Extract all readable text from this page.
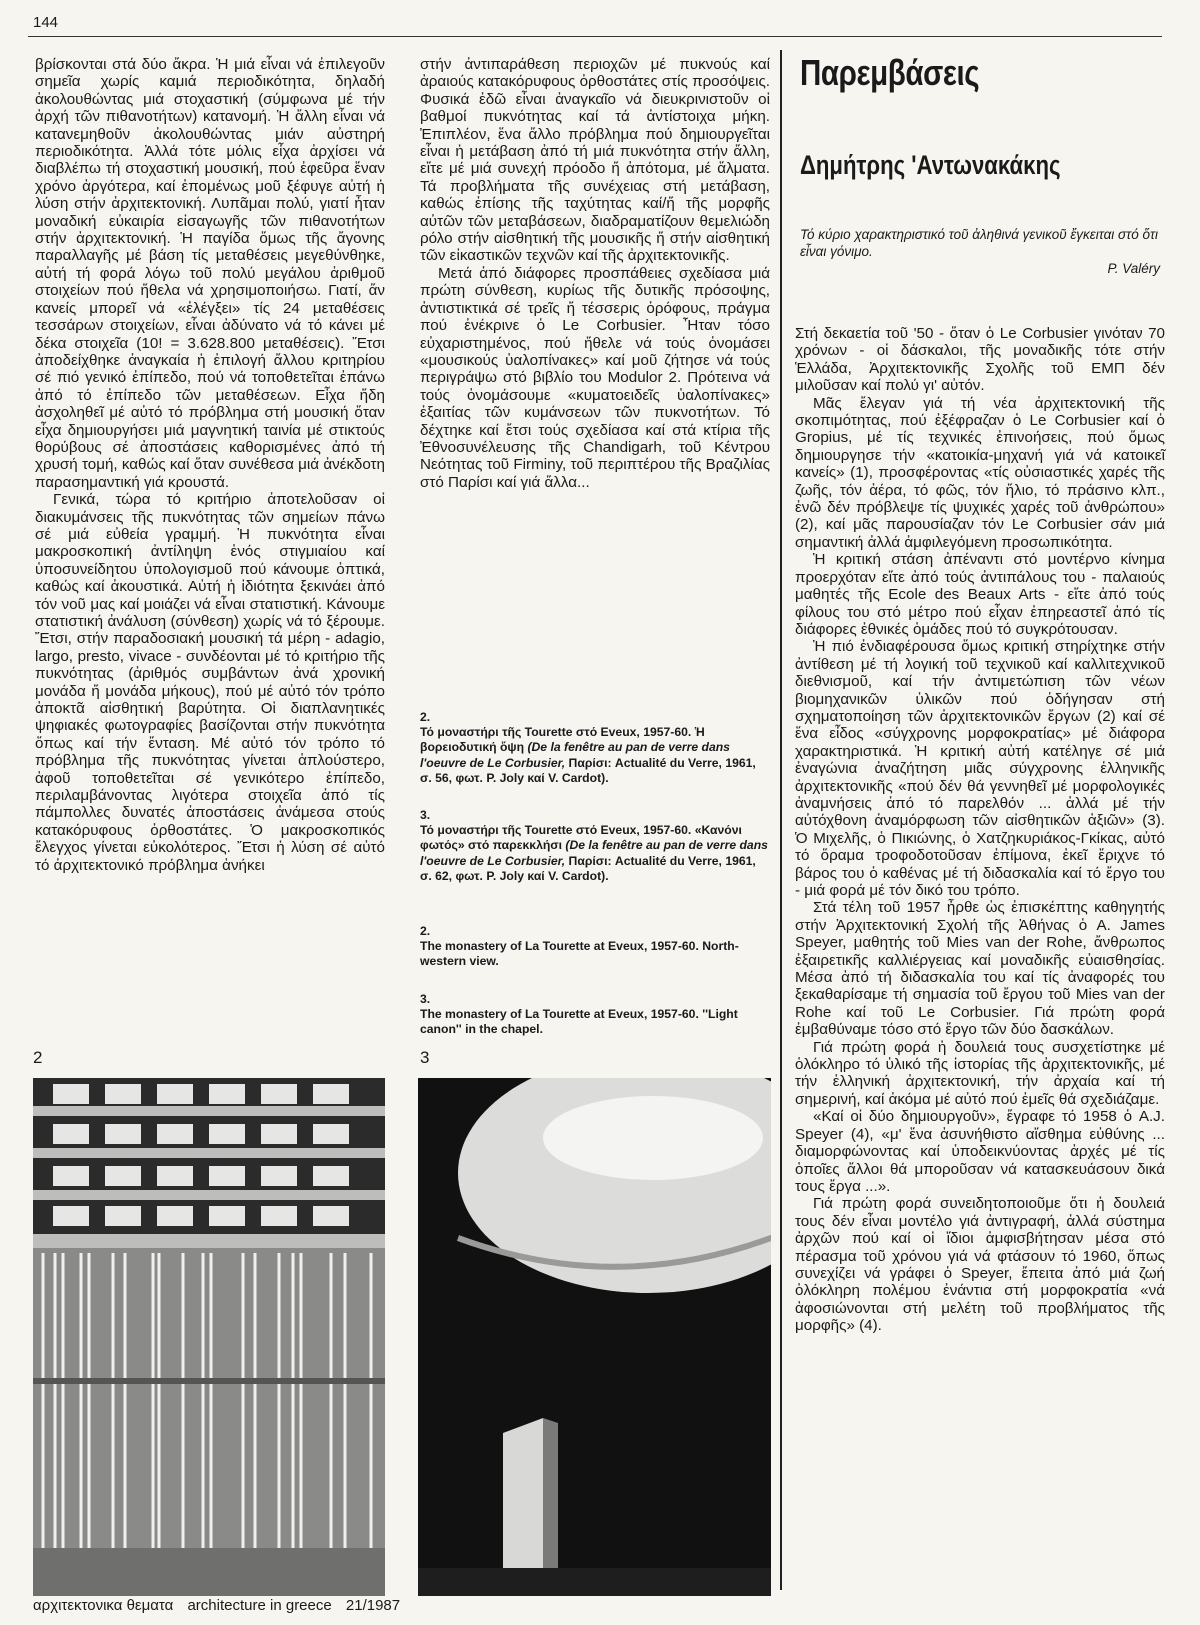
144

βρίσκονται στά δύο ἄκρα. Ἡ μιά εἶναι νά ἐπιλεγοῦν σημεῖα χωρίς καμιά περιοδικότητα, δηλαδή ἀκολουθώντας μιά στοχαστική (σύμφωνα μέ τήν ἀρχή τῶν πιθανοτήτων) κατανομή. Ἡ ἄλλη εἶναι νά κατανεμηθοῦν ἀκολουθώντας μιάν αὐστηρή περιοδικότητα. Ἀλλά τότε μόλις εἶχα ἀρχίσει νά διαβλέπω τή στοχαστική μουσική, πού ἐφεῦρα ἕναν χρόνο ἀργότερα, καί ἑπομένως μοῦ ξέφυγε αὐτή ἡ λύση στήν ἀρχιτεκτονική. Λυπᾶμαι πολύ, γιατί ἦταν μοναδική εὐκαιρία εἰσαγωγῆς τῶν πιθανοτήτων στήν ἀρχιτεκτονική. Ἡ παγίδα ὅμως τῆς ἄγονης παραλλαγῆς μέ βάση τίς μεταθέσεις μεγεθύνθηκε, αὐτή τή φορά λόγω τοῦ πολύ μεγάλου ἀριθμοῦ στοιχείων πού ἤθελα νά χρησιμοποιήσω. Γιατί, ἄν κανείς μπορεῖ νά «ἐλέγξει» τίς 24 μεταθέσεις τεσσάρων στοιχείων, εἶναι ἀδύνατο νά τό κάνει μέ δέκα στοιχεῖα (10! = 3.628.800 μεταθέσεις). Ἔτσι ἀποδείχθηκε ἀναγκαία ἡ ἐπιλογή ἄλλου κριτηρίου σέ πιό γενικό ἐπίπεδο, πού νά τοποθετεῖται ἐπάνω ἀπό τό ἐπίπεδο τῶν μεταθέσεων. Εἶχα ἤδη ἀσχοληθεῖ μέ αὐτό τό πρόβλημα στή μουσική ὅταν εἶχα δημιουργήσει μιά μαγνητική ταινία μέ στικτούς θορύβους σέ ἀποστάσεις καθορισμένες ἀπό τή χρυσή τομή, καθώς καί ὅταν συνέθεσα μιά ἀνέκδοτη παρασημαντική γιά κρουστά.

Γενικά, τώρα τό κριτήριο ἀποτελοῦσαν οἱ διακυμάνσεις τῆς πυκνότητας τῶν σημείων πάνω σέ μιά εὐθεία γραμμή. Ἡ πυκνότητα εἶναι μακροσκοπική ἀντίληψη ἑνός στιγμιαίου καί ὑποσυνείδητου ὑπολογισμοῦ πού κάνουμε ὀπτικά, καθώς καί ἀκουστικά. Αὐτή ἡ ἰδιότητα ξεκινάει ἀπό τόν νοῦ μας καί μοιάζει νά εἶναι στατιστική. Κάνουμε στατιστική ἀνάλυση (σύνθεση) χωρίς νά τό ξέρουμε. Ἔτσι, στήν παραδοσιακή μουσική τά μέρη - adagio, largo, presto, vivace - συνδέονται μέ τό κριτήριο τῆς πυκνότητας (ἀριθμός συμβάντων ἀνά χρονική μονάδα ἤ μονάδα μήκους), πού μέ αὐτό τόν τρόπο ἀποκτᾶ αἰσθητική βαρύτητα. Οἱ διαπλανητικές ψηφιακές φωτογραφίες βασίζονται στήν πυκνότητα ὅπως καί τήν ἔνταση. Μέ αὐτό τόν τρόπο τό πρόβλημα τῆς πυκνότητας γίνεται ἁπλούστερο, ἀφοῦ τοποθετεῖται σέ γενικότερο ἐπίπεδο, περιλαμβάνοντας λιγότερα στοιχεῖα ἀπό τίς πάμπολλες δυνατές ἀποστάσεις ἀνάμεσα στούς κατακόρυφους ὀρθοστάτες. Ὁ μακροσκοπικός ἔλεγχος γίνεται εὐκολότερος. Ἔτσι ἡ λύση σέ αὐτό τό ἀρχιτεκτονικό πρόβλημα ἀνήκει

στήν ἀντιπαράθεση περιοχῶν μέ πυκνούς καί ἀραιούς κατακόρυφους ὀρθοστάτες στίς προσόψεις. Φυσικά ἐδῶ εἶναι ἀναγκαῖο νά διευκρινιστοῦν οἱ βαθμοί πυκνότητας καί τά ἀντίστοιχα μήκη. Ἐπιπλέον, ἕνα ἄλλο πρόβλημα πού δημιουργεῖται εἶναι ἡ μετάβαση ἀπό τή μιά πυκνότητα στήν ἄλλη, εἴτε μέ μιά συνεχή πρόοδο ἤ ἀπότομα, μέ ἅλματα. Τά προβλήματα τῆς συνέχειας στή μετάβαση, καθώς ἐπίσης τῆς ταχύτητας καί/ἤ τῆς μορφῆς αὐτῶν τῶν μεταβάσεων, διαδραματίζουν θεμελιώδη ρόλο στήν αἰσθητική τῆς μουσικῆς ἤ στήν αἰσθητική τῶν εἰκαστικῶν τεχνῶν καί τῆς ἀρχιτεκτονικῆς.

Μετά ἀπό διάφορες προσπάθειες σχεδίασα μιά πρώτη σύνθεση, κυρίως τῆς δυτικῆς πρόσοψης, ἀντιστικτικά σέ τρεῖς ἤ τέσσερις ὀρόφους, πράγμα πού ἐνέκρινε ὁ Le Corbusier. Ἦταν τόσο εὐχαριστημένος, πού ἤθελε νά τούς ὀνομάσει «μουσικούς ὑαλοπίνακες» καί μοῦ ζήτησε νά τούς περιγράψω στό βιβλίο του Modulor 2. Πρότεινα νά τούς ὀνομάσουμε «κυματοειδεῖς ὑαλοπίνακες» ἐξαιτίας τῶν κυμάνσεων τῶν πυκνοτήτων. Τό δέχτηκε καί ἔτσι τούς σχεδίασα καί στά κτίρια τῆς Ἐθνοσυνέλευσης τῆς Chandigarh, τοῦ Κέντρου Νεότητας τοῦ Firminy, τοῦ περιπτέρου τῆς Βραζιλίας στό Παρίσι καί γιά ἄλλα...

2.
Τό μοναστήρι τῆς Tourette στό Eveux, 1957-60. Ἡ βορειοδυτική ὄψη (De la fenêtre au pan de verre dans l'oeuvre de Le Corbusier, Παρίσι: Actualité du Verre, 1961, σ. 56, φωτ. P. Joly καί V. Cardot).
3.
Τό μοναστήρι τῆς Tourette στό Eveux, 1957-60. «Κανόνι φωτός» στό παρεκκλήσι (De la fenêtre au pan de verre dans l'oeuvre de Le Corbusier, Παρίσι: Actualité du Verre, 1961, σ. 62, φωτ. P. Joly καί V. Cardot).
2.
The monastery of La Tourette at Eveux, 1957-60. North-western view.
3.
The monastery of La Tourette at Eveux, 1957-60. ''Light canon'' in the chapel.
Παρεμβάσεις
Δημήτρης 'Αντωνακάκης
Τό κύριο χαρακτηριστικό τοῦ ἀληθινά γενικοῦ ἔγκειται στό ὅτι εἶναι γόνιμο.
P. Valéry

Στή δεκαετία τοῦ '50 - ὅταν ὁ Le Corbusier γινόταν 70 χρόνων - οἱ δάσκαλοι, τῆς μοναδικῆς τότε στήν Ἑλλάδα, Ἀρχιτεκτονικῆς Σχολῆς τοῦ ΕΜΠ δέν μιλοῦσαν καί πολύ γι' αὐτόν.

Μᾶς ἔλεγαν γιά τή νέα ἀρχιτεκτονική τῆς σκοπιμότητας, πού ἐξέφραζαν ὁ Le Corbusier καί ὁ Gropius, μέ τίς τεχνικές ἐπινοήσεις, πού ὅμως δημιουργησε τήν «κατοικία-μηχανή γιά νά κατοικεῖ κανείς» (1), προσφέροντας «τίς οὐσιαστικές χαρές τῆς ζωῆς, τόν ἀέρα, τό φῶς, τόν ἥλιο, τό πράσινο κλπ., ἐνῶ δέν πρόβλεψε τίς ψυχικές χαρές τοῦ ἀνθρώπου» (2), καί μᾶς παρουσίαζαν τόν Le Corbusier σάν μιά σημαντική ἀλλά ἀμφιλεγόμενη προσωπικότητα.

Ἡ κριτική στάση ἀπέναντι στό μοντέρνο κίνημα προερχόταν εἴτε ἀπό τούς ἀντιπάλους του - παλαιούς μαθητές τῆς Ecole des Beaux Arts - εἴτε ἀπό τούς φίλους του στό μέτρο πού εἶχαν ἐπηρεαστεῖ ἀπό τίς διάφορες ἐθνικές ὁμάδες πού τό συγκρότουσαν.

Ἡ πιό ἐνδιαφέρουσα ὅμως κριτική στηρίχτηκε στήν ἀντίθεση μέ τή λογική τοῦ τεχνικοῦ καί καλλιτεχνικοῦ διεθνισμοῦ, καί τήν ἀντιμετώπιση τῶν νέων βιομηχανικῶν ὑλικῶν πού ὁδήγησαν στή σχηματοποίηση τῶν ἀρχιτεκτονικῶν ἔργων (2) καί σέ ἕνα εἶδος «σύγχρονης μορφοκρατίας» μέ διάφορα χαρακτηριστικά. Ἡ κριτική αὐτή κατέληγε σέ μιά ἐναγώνια ἀναζήτηση μιᾶς σύγχρονης ἑλληνικῆς ἀρχιτεκτονικῆς «πού δέν θά γεννηθεῖ μέ μορφολογικές ἀναμνήσεις ἀπό τό παρελθόν ... ἀλλά μέ τήν αὐτόχθονη ἀναμόρφωση τῶν αἰσθητικῶν ἀξιῶν» (3). Ὁ Μιχελῆς, ὁ Πικιώνης, ὁ Χατζηκυριάκος-Γκίκας, αὐτό τό ὅραμα τροφοδοτοῦσαν ἐπίμονα, ἐκεῖ ἔριχνε τό βάρος του ὁ καθένας μέ τή διδασκαλία καί τό ἔργο του - μιά φορά μέ τόν δικό του τρόπο.

Στά τέλη τοῦ 1957 ἦρθε ὡς ἐπισκέπτης καθηγητής στήν Ἀρχιτεκτονική Σχολή τῆς Ἀθήνας ὁ A. James Speyer, μαθητής τοῦ Mies van der Rohe, ἄνθρωπος ἐξαιρετικῆς καλλιέργειας καί μοναδικῆς εὐαισθησίας. Μέσα ἀπό τή διδασκαλία του καί τίς ἀναφορές του ξεκαθαρίσαμε τή σημασία τοῦ ἔργου τοῦ Mies van der Rohe καί τοῦ Le Corbusier. Γιά πρώτη φορά ἐμβαθύναμε τόσο στό ἔργο τῶν δύο δασκάλων.

Γιά πρώτη φορά ἡ δουλειά τους συσχετίστηκε μέ ὁλόκληρο τό ὑλικό τῆς ἱστορίας τῆς ἀρχιτεκτονικῆς, μέ τήν ἑλληνική ἀρχιτεκτονική, τήν ἀρχαία καί τή σημερινή, καί ἀκόμα μέ αὐτό πού ἐμεῖς θά σχεδιάζαμε.

«Καί οἱ δύο δημιουργοῦν», ἔγραφε τό 1958 ὁ A.J. Speyer (4), «μ' ἕνα ἀσυνήθιστο αἴσθημα εὐθύνης ... διαμορφώνοντας καί ὑποδεικνύοντας ἀρχές μέ τίς ὁποῖες ἄλλοι θά μποροῦσαν νά κατασκευάσουν δικά τους ἔργα ...».

Γιά πρώτη φορά συνειδητοποιοῦμε ὅτι ἡ δουλειά τους δέν εἶναι μοντέλο γιά ἀντιγραφή, ἀλλά σύστημα ἀρχῶν πού καί οἱ ἴδιοι ἀμφισβήτησαν μέσα στό πέρασμα τοῦ χρόνου γιά νά φτάσουν τό 1960, ὅπως συνεχίζει νά γράφει ὁ Speyer, ἔπειτα ἀπό μιά ζωή ὁλόκληρη πολέμου ἐνάντια στή μορφοκρατία «νά ἀφοσιώνονται στή μελέτη τοῦ προβλήματος τῆς μορφῆς» (4).

2	3
αρχιτεκτονικα θεματα architecture in greece 21/1987
